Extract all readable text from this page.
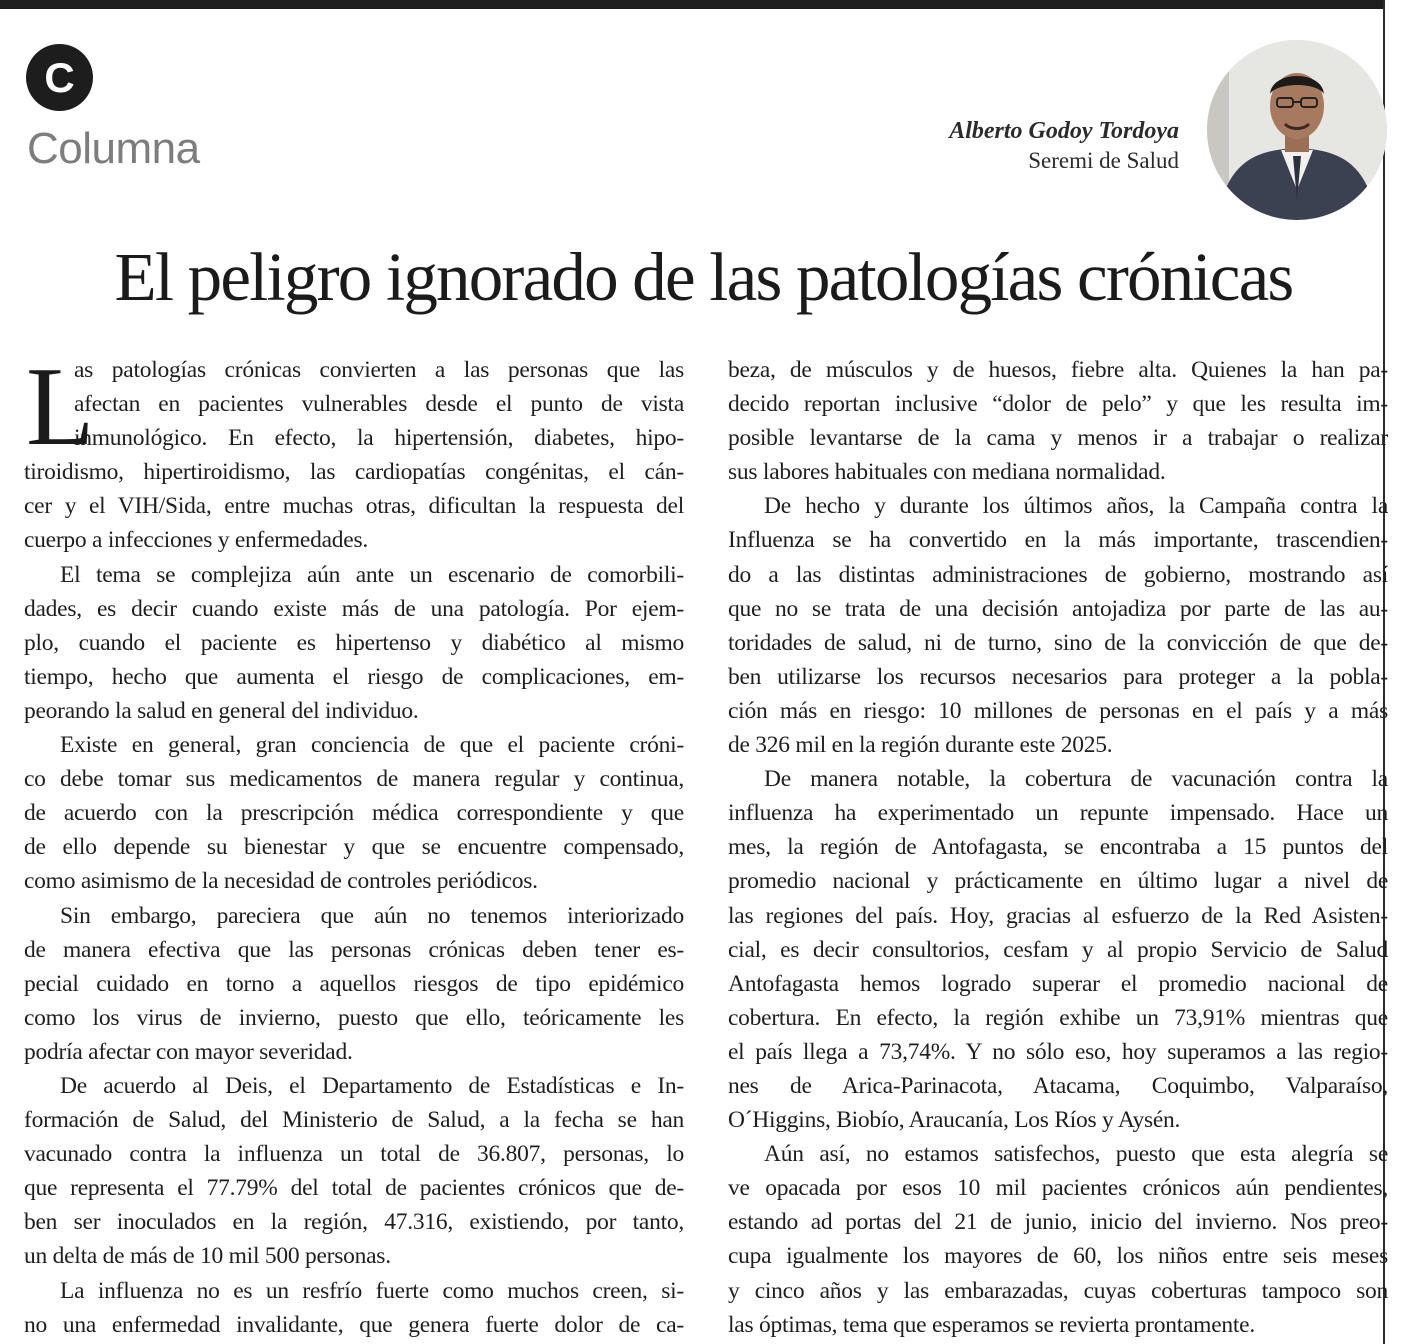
C
Columna	Alberto Godoy Tordoya
Seremi de Salud
El peligro ignorado de las patologías crónicas
L
as patologías crónicas convierten a las personas que las
afectan en pacientes vulnerables desde el punto de vista
inmunológico. En efecto, la hipertensión, diabetes, hipo-
tiroidismo, hipertiroidismo, las cardiopatías congénitas, el cán-
cer y el VIH/Sida, entre muchas otras, dificultan la respuesta del
cuerpo a infecciones y enfermedades.
El tema se complejiza aún ante un escenario de comorbili-
dades, es decir cuando existe más de una patología. Por ejem-
plo, cuando el paciente es hipertenso y diabético al mismo
tiempo, hecho que aumenta el riesgo de complicaciones, em-
peorando la salud en general del individuo.
Existe en general, gran conciencia de que el paciente cróni-
co debe tomar sus medicamentos de manera regular y continua,
de acuerdo con la prescripción médica correspondiente y que
de ello depende su bienestar y que se encuentre compensado,
como asimismo de la necesidad de controles periódicos.
Sin embargo, pareciera que aún no tenemos interiorizado
de manera efectiva que las personas crónicas deben tener es-
pecial cuidado en torno a aquellos riesgos de tipo epidémico
como los virus de invierno, puesto que ello, teóricamente les
podría afectar con mayor severidad.
De acuerdo al Deis, el Departamento de Estadísticas e In-
formación de Salud, del Ministerio de Salud, a la fecha se han
vacunado contra la influenza un total de 36.807, personas, lo
que representa el 77.79% del total de pacientes crónicos que de-
ben ser inoculados en la región, 47.316, existiendo, por tanto,
un delta de más de 10 mil 500 personas.
La influenza no es un resfrío fuerte como muchos creen, si-
no una enfermedad invalidante, que genera fuerte dolor de ca-
beza, de músculos y de huesos, fiebre alta. Quienes la han pa-
decido reportan inclusive “dolor de pelo” y que les resulta im-
posible levantarse de la cama y menos ir a trabajar o realizar
sus labores habituales con mediana normalidad.
De hecho y durante los últimos años, la Campaña contra la
Influenza se ha convertido en la más importante, trascendien-
do a las distintas administraciones de gobierno, mostrando así
que no se trata de una decisión antojadiza por parte de las au-
toridades de salud, ni de turno, sino de la convicción de que de-
ben utilizarse los recursos necesarios para proteger a la pobla-
ción más en riesgo: 10 millones de personas en el país y a más
de 326 mil en la región durante este 2025.
De manera notable, la cobertura de vacunación contra la
influenza ha experimentado un repunte impensado. Hace un
mes, la región de Antofagasta, se encontraba a 15 puntos del
promedio nacional y prácticamente en último lugar a nivel de
las regiones del país. Hoy, gracias al esfuerzo de la Red Asisten-
cial, es decir consultorios, cesfam y al propio Servicio de Salud
Antofagasta hemos logrado superar el promedio nacional de
cobertura. En efecto, la región exhibe un 73,91% mientras que
el país llega a 73,74%. Y no sólo eso, hoy superamos a las regio-
nes de Arica-Parinacota, Atacama, Coquimbo, Valparaíso,
O´Higgins, Biobío, Araucanía, Los Ríos y Aysén.
Aún así, no estamos satisfechos, puesto que esta alegría se
ve opacada por esos 10 mil pacientes crónicos aún pendientes,
estando ad portas del 21 de junio, inicio del invierno. Nos preo-
cupa igualmente los mayores de 60, los niños entre seis meses
y cinco años y las embarazadas, cuyas coberturas tampoco son
las óptimas, tema que esperamos se revierta prontamente.
